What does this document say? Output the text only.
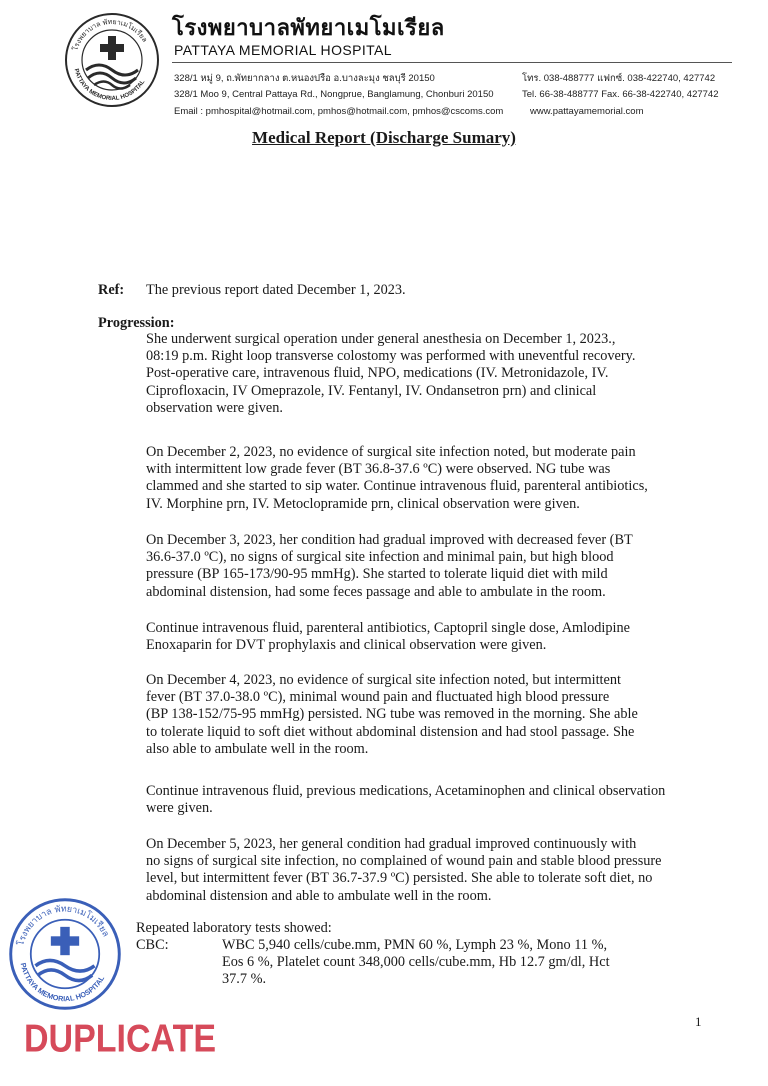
โรงพยาบาล พัทยาเมโมเรียล
PATTAYA MEMORIAL HOSPITAL
โรงพยาบาลพัทยาเมโมเรียล
PATTAYA MEMORIAL HOSPITAL
328/1 หมู่ 9, ถ.พัทยากลาง ต.หนองปรือ อ.บางละมุง ชลบุรี 20150	โทร. 038-488777 แฟกซ์. 038-422740, 427742
328/1 Moo 9, Central Pattaya Rd., Nongprue, Banglamung, Chonburi 20150	Tel. 66-38-488777 Fax. 66-38-422740, 427742
Email : pmhospital@hotmail.com, pmhos@hotmail.com, pmhos@cscoms.com	www.pattayamemorial.com
Medical Report (Discharge Sumary)
Ref: The previous report dated December 1, 2023.
Progression:
She underwent surgical operation under general anesthesia on December 1, 2023.,
08:19 p.m. Right loop transverse colostomy was performed with uneventful recovery.
Post-operative care, intravenous fluid, NPO, medications (IV. Metronidazole, IV.
Ciprofloxacin, IV Omeprazole, IV. Fentanyl, IV. Ondansetron prn) and clinical
observation were given.
On December 2, 2023, no evidence of surgical site infection noted, but moderate pain
with intermittent low grade fever (BT 36.8-37.6 ºC) were observed. NG tube was
clammed and she started to sip water. Continue intravenous fluid, parenteral antibiotics,
IV. Morphine prn, IV. Metoclopramide prn, clinical observation were given.
On December 3, 2023, her condition had gradual improved with decreased fever (BT
36.6-37.0 ºC), no signs of surgical site infection and minimal pain, but high blood
pressure (BP 165-173/90-95 mmHg). She started to tolerate liquid diet with mild
abdominal distension, had some feces passage and able to ambulate in the room.
Continue intravenous fluid, parenteral antibiotics, Captopril single dose, Amlodipine
Enoxaparin for DVT prophylaxis and clinical observation were given.
On December 4, 2023, no evidence of surgical site infection noted, but intermittent
fever (BT 37.0-38.0 ºC), minimal wound pain and fluctuated high blood pressure
(BP 138-152/75-95 mmHg) persisted. NG tube was removed in the morning. She able
to tolerate liquid to soft diet without abdominal distension and had stool passage. She
also able to ambulate well in the room.
Continue intravenous fluid, previous medications, Acetaminophen and clinical observation
were given.
On December 5, 2023, her general condition had gradual improved continuously with
no signs of surgical site infection, no complained of wound pain and stable blood pressure
level, but intermittent fever (BT 36.7-37.9 ºC) persisted. She able to tolerate soft diet, no
abdominal distension and able to ambulate well in the room.
Repeated laboratory tests showed:
CBC:	WBC 5,940 cells/cube.mm, PMN 60 %, Lymph 23 %, Mono 11 %,
Eos 6 %, Platelet count 348,000 cells/cube.mm, Hb 12.7 gm/dl, Hct
37.7 %.
โรงพยาบาล พัทยาเมโมเรียล
PATTAYA MEMORIAL HOSPITAL
DUPLICATE	1
